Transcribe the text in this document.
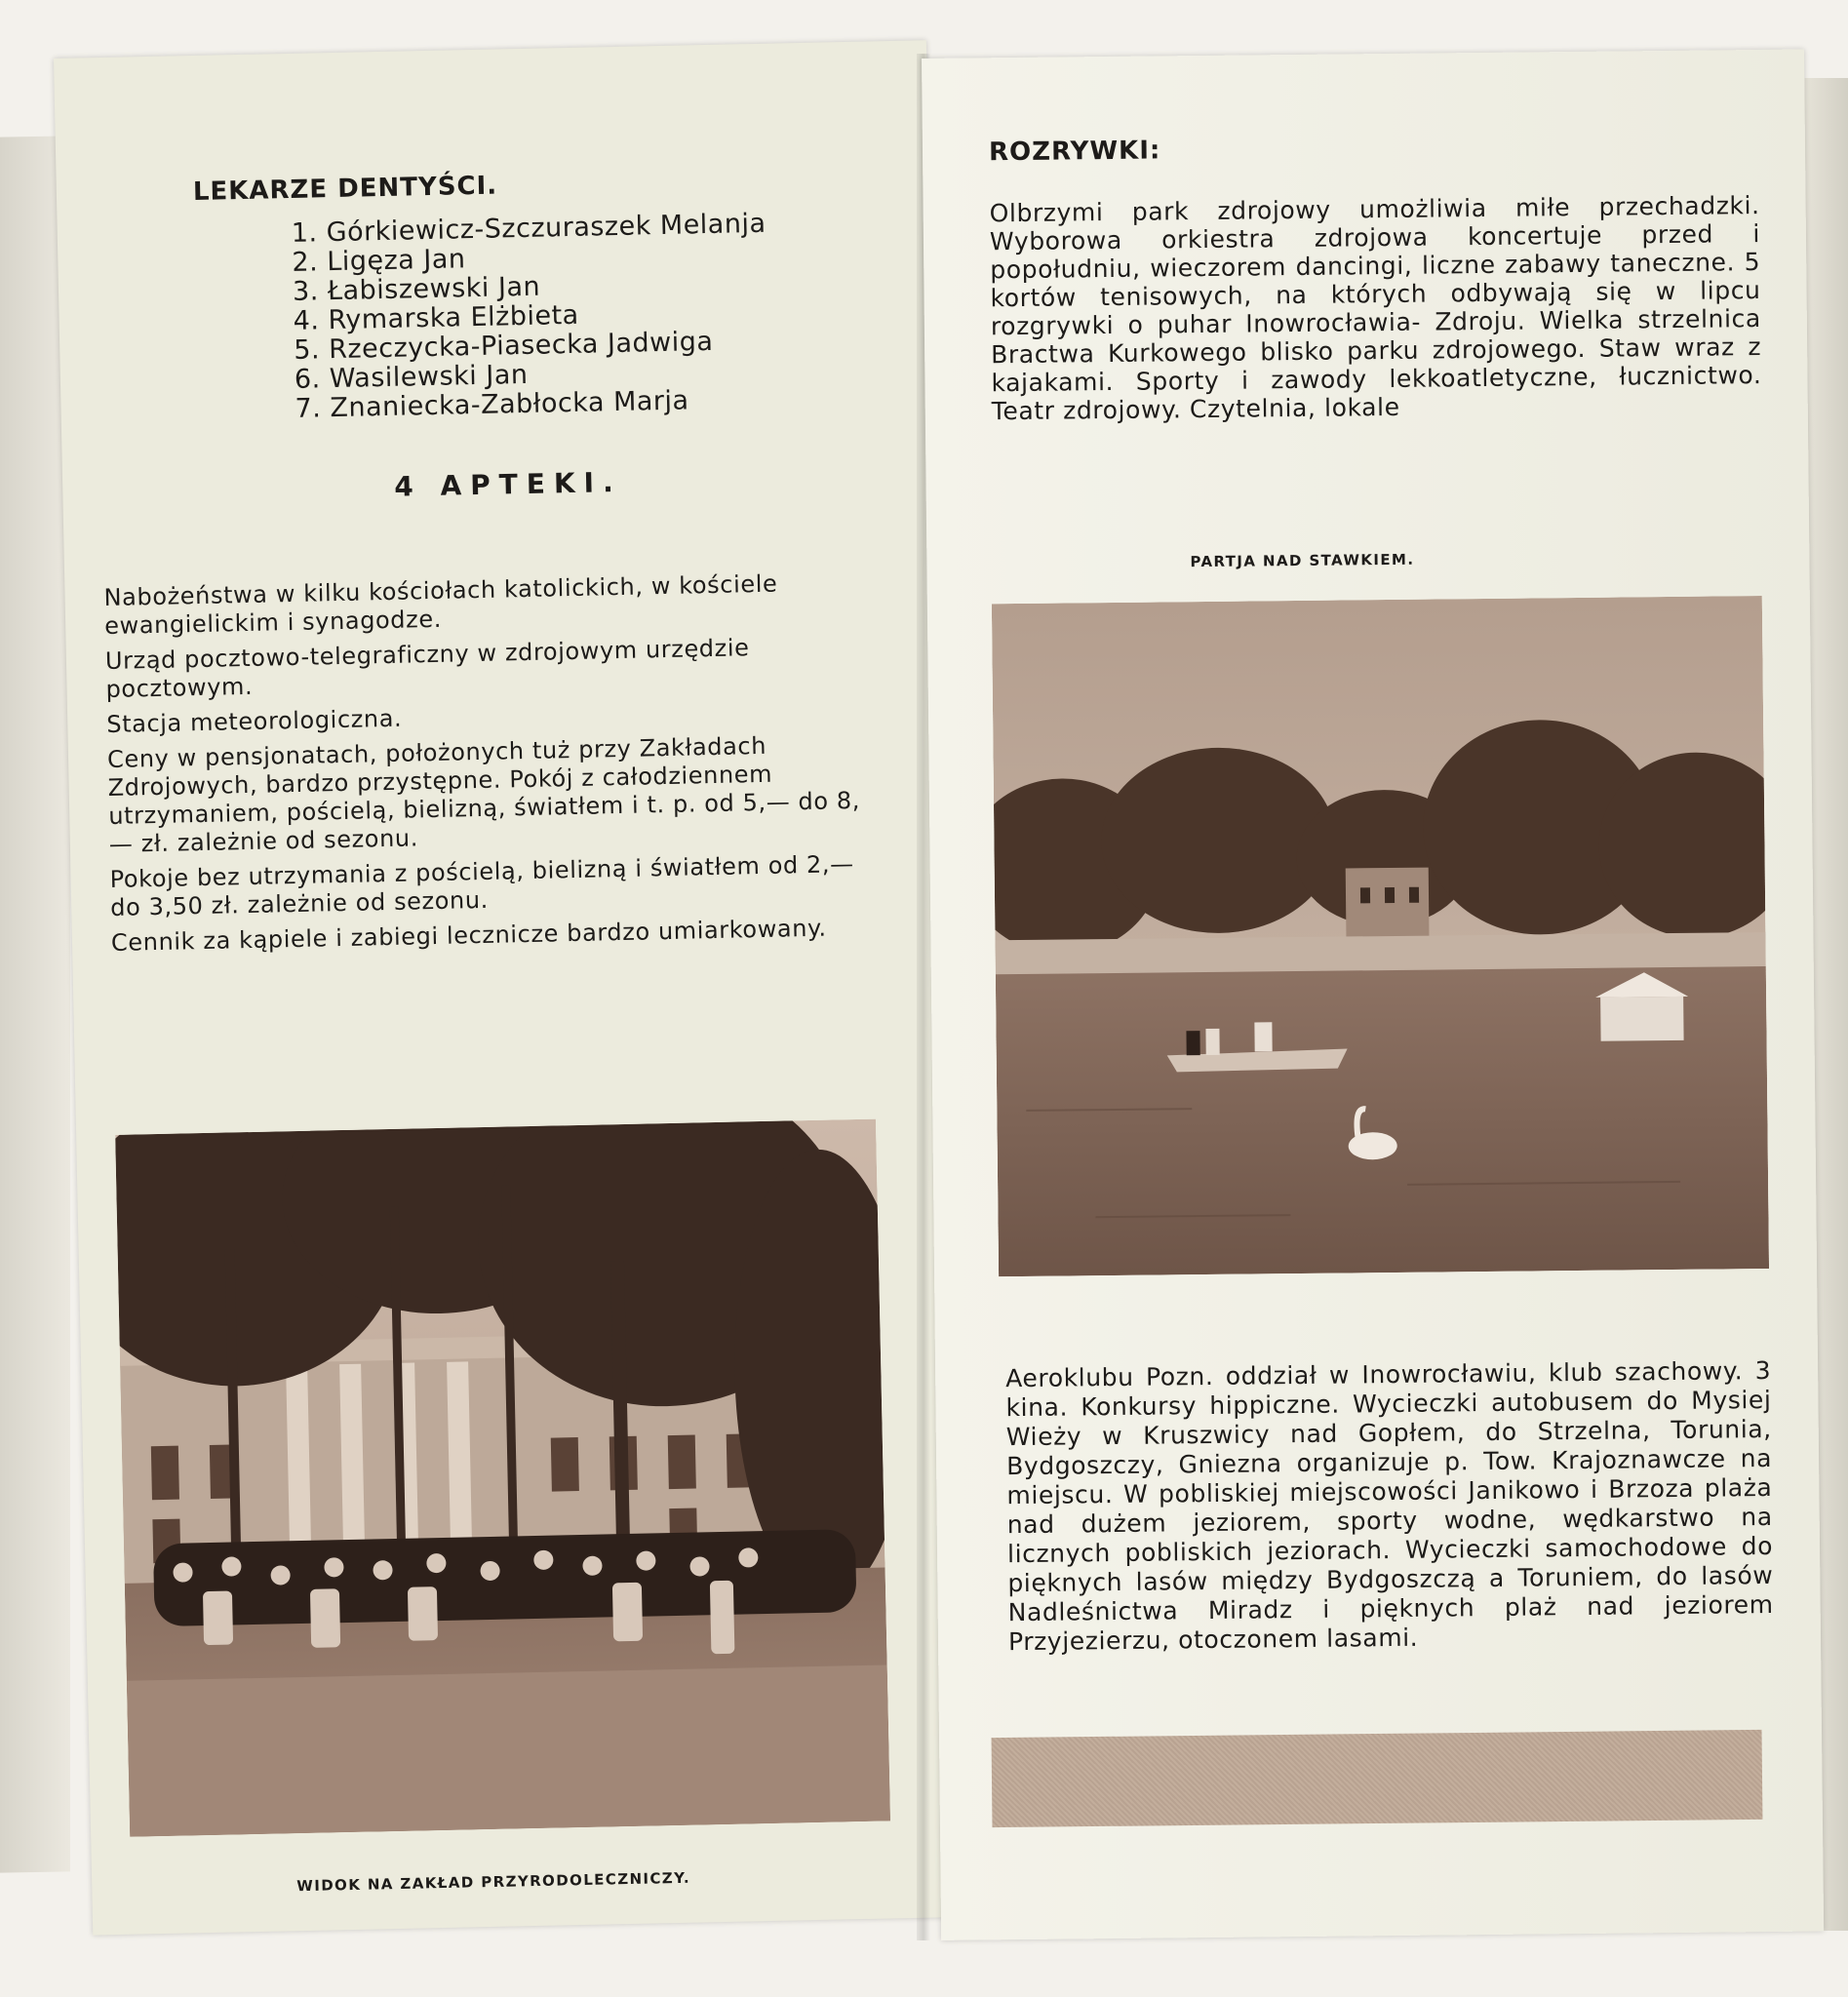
LEKARZE DENTYŚCI.
1. Górkiewicz-Szczuraszek Melanja
2. Ligęza Jan
3. Łabiszewski Jan
4. Rymarska Elżbieta
5. Rzeczycka-Piasecka Jadwiga
6. Wasilewski Jan
7. Znaniecka-Zabłocka Marja
4 APTEKI.

Nabożeństwa w kilku kościołach katolickich, w kościele ewangielickim i synagodze.

Urząd pocztowo-telegraficzny w zdrojowym urzędzie pocztowym.

Stacja meteorologiczna.

Ceny w pensjonatach, położonych tuż przy Zakładach Zdrojowych, bardzo przystępne. Pokój z całodziennem utrzymaniem, pościelą, bielizną, światłem i t. p. od 5,— do 8,— zł. zależnie od sezonu.

Pokoje bez utrzymania z pościelą, bielizną i światłem od 2,— do 3,50 zł. zależnie od sezonu.

Cennik za kąpiele i zabiegi lecznicze bardzo umiarkowany.

WIDOK NA ZAKŁAD PRZYRODOLECZNICZY.
ROZRYWKI:
Olbrzymi park zdrojowy umożliwia miłe przechadzki. Wyborowa orkiestra zdrojowa koncertuje przed i popołudniu, wieczorem dancingi, liczne zabawy taneczne. 5 kortów tenisowych, na których odbywają się w lipcu rozgrywki o puhar Inowrocławia- Zdroju. Wielka strzelnica Bractwa Kurkowego blisko parku zdrojowego. Staw wraz z kajakami. Sporty i zawody lekkoatletyczne, łucznictwo. Teatr zdrojowy. Czytelnia, lokale
PARTJA NAD STAWKIEM.
Aeroklubu Pozn. oddział w Inowrocławiu, klub szachowy. 3 kina. Konkursy hippiczne. Wycieczki autobusem do Mysiej Wieży w Kruszwicy nad Gopłem, do Strzelna, Torunia, Bydgoszczy, Gniezna organizuje p. Tow. Krajoznawcze na miejscu. W pobliskiej miejscowości Janikowo i Brzoza plaża nad dużem jeziorem, sporty wodne, wędkarstwo na licznych pobliskich jeziorach. Wycieczki samochodowe do pięknych lasów między Bydgoszczą a Toruniem, do lasów Nadleśnictwa Miradz i pięknych plaż nad jeziorem Przyjezierzu, otoczonem lasami.
